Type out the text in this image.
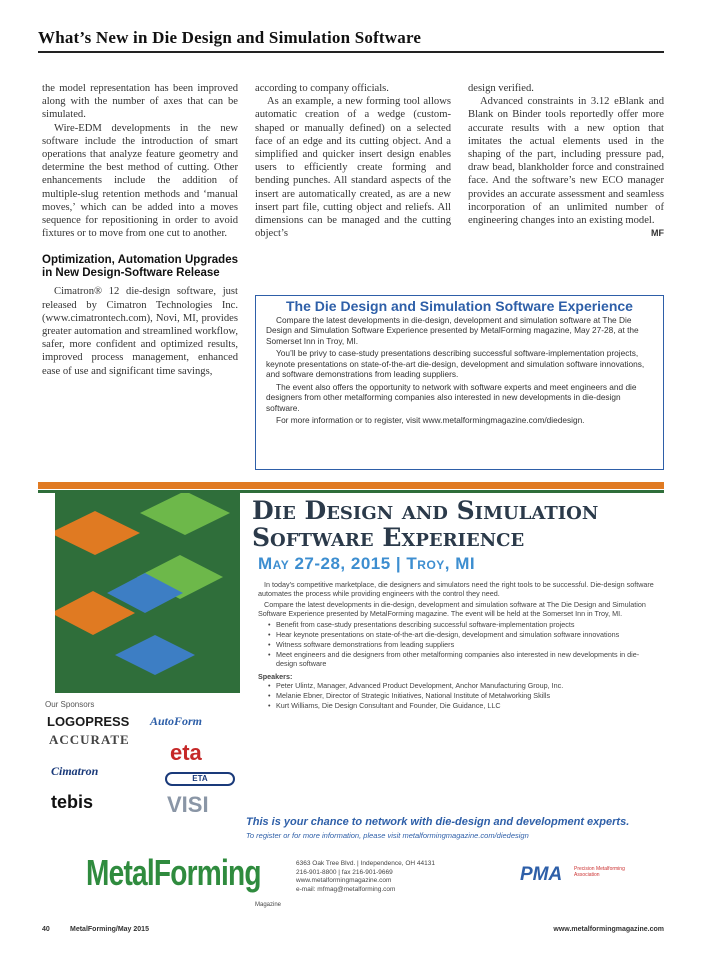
What’s New in Die Design and Simulation Software

the model representation has been improved along with the number of axes that can be simulated.

Wire-EDM developments in the new software include the introduction of smart operations that analyze feature geometry and determine the best method of cutting. Other enhancements include the addition of multiple-slug retention methods and ‘manual moves,’ which can be added into a moves sequence for repositioning in order to avoid fixtures or to move from one cut to another.

Optimization, Automation Upgrades in New Design-Software Release

Cimatron® 12 die-design software, just released by Cimatron Technologies Inc. (www.cimatrontech.com), Novi, MI, provides greater automation and streamlined workflow, safer, more confident and optimized results, improved process management, enhanced ease of use and significant time savings,

according to company officials.

As an example, a new forming tool allows automatic creation of a wedge (custom-shaped or manually defined) on a selected face of an edge and its cutting object. And a simplified and quicker insert design enables users to efficiently create forming and bending punches. All standard aspects of the insert are automatically created, as are a new insert part file, cutting object and reliefs. All dimensions can be managed and the cutting object’s

design verified.

Advanced constraints in 3.12 eBlank and Blank on Binder tools reportedly offer more accurate results with a new option that imitates the actual elements used in the shaping of the part, including pressure pad, draw bead, blankholder force and constrained face. And the software’s new ECO manager provides an accurate assessment and seamless incorporation of an unlimited number of engineering changes into an existing model.
MF

The Die Design and Simulation Software Experience

Compare the latest developments in die-design, development and simulation software at The Die Design and Simulation Software Experience presented by MetalForming magazine, May 27-28, at the Somerset Inn in Troy, MI.

You’ll be privy to case-study presentations describing successful software-implementation projects, keynote presentations on state-of-the-art die-design, development and simulation software innovations, and software demonstrations from leading suppliers.

The event also offers the opportunity to network with software experts and meet engineers and die designers from other metalforming companies also interested in new developments in die-design software.

For more information or to register, visit www.metalformingmagazine.com/diedesign.

Our Sponsors
LOGOPRESS AutoForm
ACCURATE
eta
Cimatron
ETA
tebis	VISI
Die Design and Simulation
Software Experience
May 27-28, 2015 | Troy, MI

In today’s competitive marketplace, die designers and simulators need the right tools to be successful. Die-design software automates the process while providing engineers with the control they need.

Compare the latest developments in die-design, development and simulation software at The Die Design and Simulation Software Experience presented by MetalForming magazine. The event will be held at the Somerset Inn in Troy, MI.

• Benefit from case-study presentations describing successful software-implementation projects
• Hear keynote presentations on state-of-the-art die-design, development and simulation software innovations
• Witness software demonstrations from leading suppliers
• Meet engineers and die designers from other metalforming companies also interested in new developments in die-design software
Speakers:
• Peter Ulintz, Manager, Advanced Product Development, Anchor Manufacturing Group, Inc.
• Melanie Ebner, Director of Strategic Initiatives, National Institute of Metalworking Skills
• Kurt Williams, Die Design Consultant and Founder, Die Guidance, LLC
This is your chance to network with die-design and development experts.
To register or for more information, please visit metalformingmagazine.com/diedesign
MetalForming
Magazine
6363 Oak Tree Blvd. | Independence, OH 44131
216-901-8800 | fax 216-901-9669
www.metalformingmagazine.com
e-mail: mfmag@metalforming.com
PMA Precision Metalforming Association
40	MetalForming/May 2015	www.metalformingmagazine.com
